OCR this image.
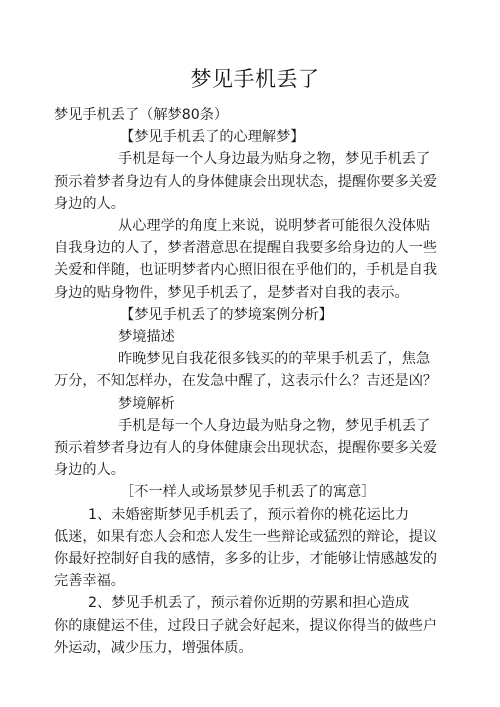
梦见手机丢了
梦见手机丢了（解梦80条）
【梦见手机丢了的心理解梦】
手机是每一个人身边最为贴身之物，梦见手机丢了
预示着梦者身边有人的身体健康会出现状态，提醒你要多关爱
身边的人。
从心理学的角度上来说，说明梦者可能很久没体贴
自我身边的人了，梦者潜意思在提醒自我要多给身边的人一些
关爱和伴随，也证明梦者内心照旧很在乎他们的，手机是自我
身边的贴身物件，梦见手机丢了，是梦者对自我的表示。
【梦见手机丢了的梦境案例分析】
梦境描述
昨晚梦见自我花很多钱买的的苹果手机丢了，焦急
万分，不知怎样办，在发急中醒了，这表示什么？吉还是凶？
梦境解析
手机是每一个人身边最为贴身之物，梦见手机丢了
预示着梦者身边有人的身体健康会出现状态，提醒你要多关爱
身边的人。
［不一样人或场景梦见手机丢了的寓意］
1、未婚密斯梦见手机丢了，预示着你的桃花运比力
低迷，如果有恋人会和恋人发生一些辩论或猛烈的辩论，提议
你最好控制好自我的感情，多多的让步，才能够让情感越发的
完善幸福。
2、梦见手机丢了，预示着你近期的劳累和担心造成
你的康健运不佳，过段日子就会好起来，提议你得当的做些户
外运动，减少压力，增强体质。
